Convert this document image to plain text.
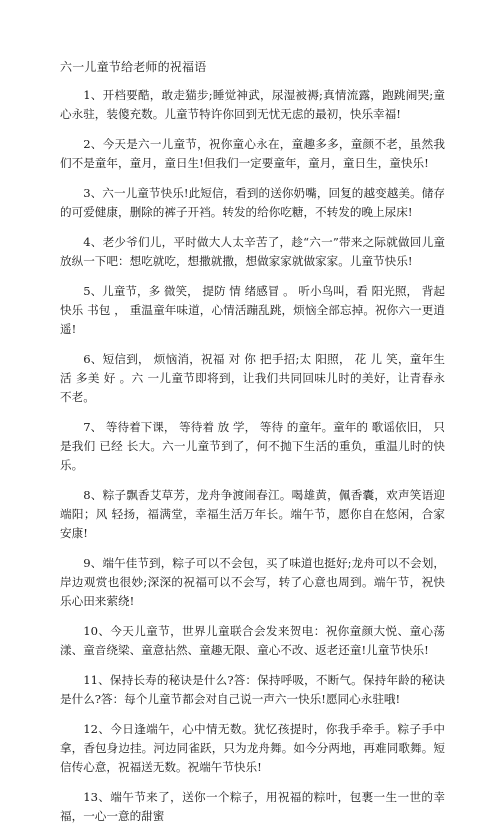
六一儿童节给老师的祝福语

1、开档要酷，敢走猫步;睡觉神武，尿湿被褥;真情流露，跑跳闹哭;童心永驻，装傻充数。儿童节特许你回到无忧无虑的最初，快乐幸福!

2、今天是六一儿童节，祝你童心永在，童趣多多，童颜不老，虽然我们不是童年，童月，童日生!但我们一定要童年，童月，童日生，童快乐!

3、六一儿童节快乐!此短信，看到的送你奶嘴，回复的越变越美。储存的可爱健康，删除的裤子开裆。转发的给你吃糖，不转发的晚上尿床!

4、老少爷们儿，平时做大人太辛苦了，趁“六一”带来之际就做回儿童放纵一下吧：想吃就吃，想撒就撒，想做家家就做家家。儿童节快乐!

5、儿童节，多 微笑， 提防 情 绪感冒 。 听小鸟叫，看 阳光照， 背起快乐 书包 ， 重温童年味道，心情活蹦乱跳，烦恼全部忘掉。祝你六一更逍遥!

6、短信到， 烦恼消，祝福 对 你 把手招;太 阳照， 花 儿 笑，童年生活 多美 好 。六 一儿童节即将到，让我们共同回味儿时的美好，让青春永不老。

7、 等待着下课， 等待着 放 学， 等待 的童年。童年的 歌谣依旧， 只是我们 已经 长大。六一儿童节到了，何不抛下生活的重负，重温儿时的快乐。

8、粽子飘香艾草芳，龙舟争渡闹春江。喝雄黄，佩香囊，欢声笑语迎端阳；风 轻扬，福满堂，幸福生活万年长。端午节，愿你自在悠闲，合家安康!

9、端午佳节到，粽子可以不会包，买了味道也挺好;龙舟可以不会划，岸边观赏也很妙;深深的祝福可以不会写，转了心意也周到。端午节，祝快乐心田来萦绕!

10、今天儿童节，世界儿童联合会发来贺电：祝你童颜大悦、童心荡漾、童音绕梁、童意拈然、童趣无限、童心不改、返老还童!儿童节快乐!

11、保持长寿的秘诀是什么?答：保持呼吸，不断气。保持年龄的秘诀是什么?答：每个儿童节都会对自己说一声六一快乐!愿同心永驻哦!

12、今日逢端午，心中情无数。犹忆孩提时，你我手牵手。粽子手中拿，香包身边挂。河边同雀跃，只为龙舟舞。如今分两地，再难同歌舞。短信传心意，祝福送无数。祝端午节快乐!

13、端午节来了，送你一个粽子，用祝福的粽叶，包裹一生一世的幸福，一心一意的甜蜜
